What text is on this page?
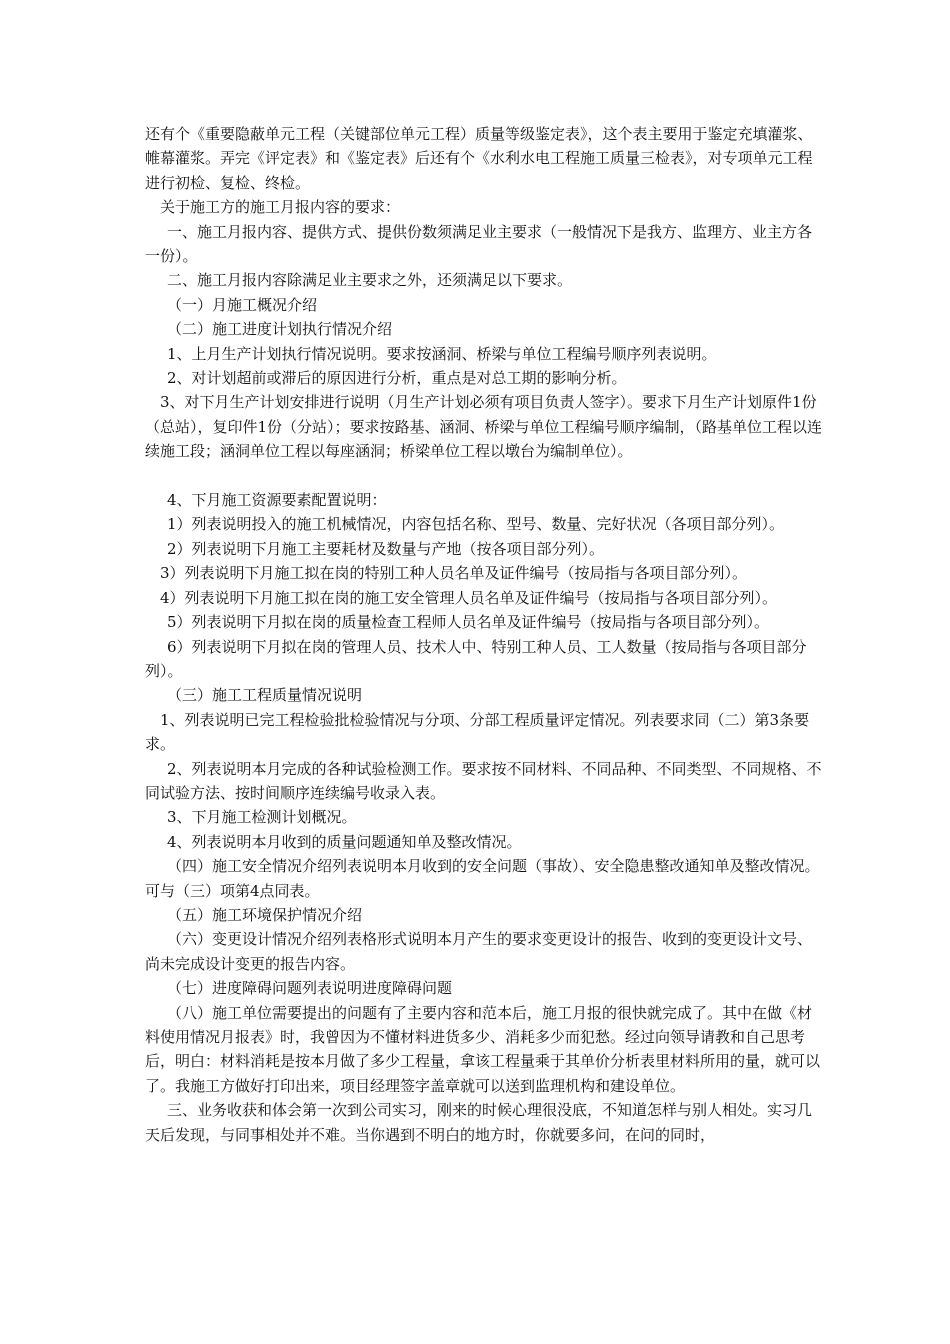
还有个《重要隐蔽单元工程（关键部位单元工程）质量等级鉴定表》，这个表主要用于鉴定充填灌浆、帷幕灌浆。弄完《评定表》和《鉴定表》后还有个《水利水电工程施工质量三检表》，对专项单元工程进行初检、复检、终检。

关于施工方的施工月报内容的要求：

一、施工月报内容、提供方式、提供份数须满足业主要求（一般情况下是我方、监理方、业主方各一份）。

二、施工月报内容除满足业主要求之外，还须满足以下要求。

（一）月施工概况介绍

（二）施工进度计划执行情况介绍

1、上月生产计划执行情况说明。要求按涵洞、桥梁与单位工程编号顺序列表说明。

2、对计划超前或滞后的原因进行分析，重点是对总工期的影响分析。

3、对下月生产计划安排进行说明（月生产计划必须有项目负责人签字）。要求下月生产计划原件1份（总站），复印件1份（分站）；要求按路基、涵洞、桥梁与单位工程编号顺序编制，（路基单位工程以连续施工段；涵洞单位工程以每座涵洞；桥梁单位工程以墩台为编制单位）。

4、下月施工资源要素配置说明：

1）列表说明投入的施工机械情况，内容包括名称、型号、数量、完好状况（各项目部分列）。

2）列表说明下月施工主要耗材及数量与产地（按各项目部分列）。

3）列表说明下月施工拟在岗的特别工种人员名单及证件编号（按局指与各项目部分列）。

4）列表说明下月施工拟在岗的施工安全管理人员名单及证件编号（按局指与各项目部分列）。

5）列表说明下月拟在岗的质量检查工程师人员名单及证件编号（按局指与各项目部分列）。

6）列表说明下月拟在岗的管理人员、技术人中、特别工种人员、工人数量（按局指与各项目部分列）。

（三）施工工程质量情况说明

1、列表说明已完工程检验批检验情况与分项、分部工程质量评定情况。列表要求同（二）第3条要求。

2、列表说明本月完成的各种试验检测工作。要求按不同材料、不同品种、不同类型、不同规格、不同试验方法、按时间顺序连续编号收录入表。

3、下月施工检测计划概况。

4、列表说明本月收到的质量问题通知单及整改情况。

（四）施工安全情况介绍列表说明本月收到的安全问题（事故）、安全隐患整改通知单及整改情况。可与（三）项第4点同表。

（五）施工环境保护情况介绍

（六）变更设计情况介绍列表格形式说明本月产生的要求变更设计的报告、收到的变更设计文号、尚未完成设计变更的报告内容。

（七）进度障碍问题列表说明进度障碍问题

（八）施工单位需要提出的问题有了主要内容和范本后，施工月报的很快就完成了。其中在做《材料使用情况月报表》时，我曾因为不懂材料进货多少、消耗多少而犯愁。经过向领导请教和自己思考后，明白：材料消耗是按本月做了多少工程量，拿该工程量乘于其单价分析表里材料所用的量，就可以了。我施工方做好打印出来，项目经理签字盖章就可以送到监理机构和建设单位。

三、业务收获和体会第一次到公司实习，刚来的时候心理很没底，不知道怎样与别人相处。实习几天后发现，与同事相处并不难。当你遇到不明白的地方时，你就要多问，在问的同时，
